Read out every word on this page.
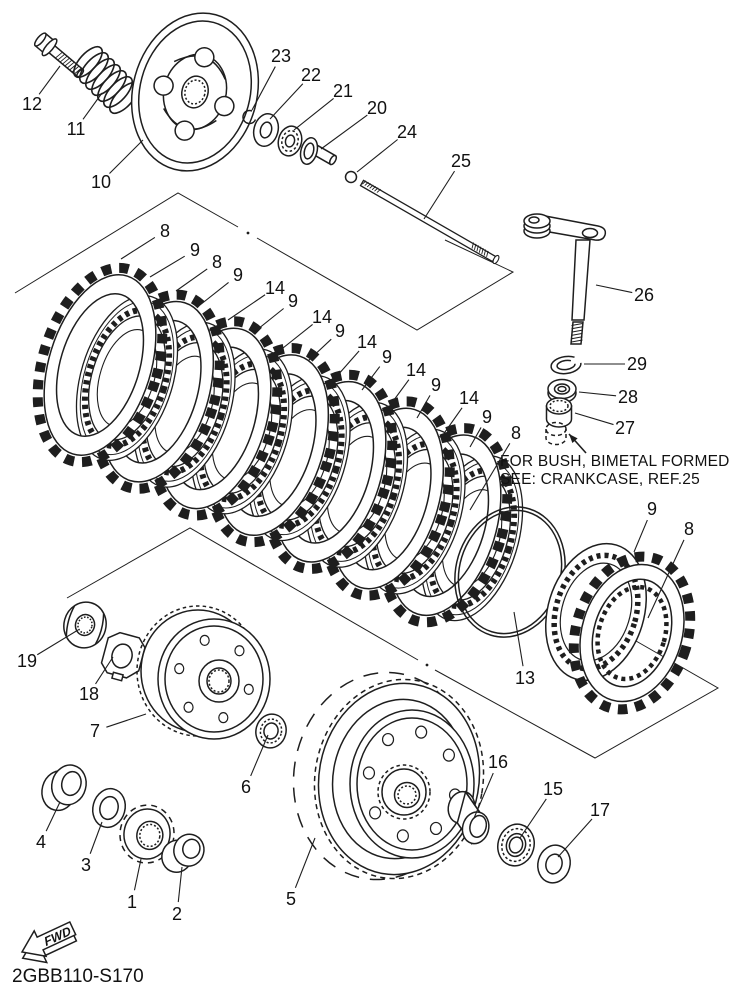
FWD
FOR BUSH, BIMETAL FORMED
SEE: CRANKCASE, REF.25
2GBB110-S170
12
11
10
23
22
21
20
24
25
26
29
28
27
8
9
8
9
14
9
14
9
14
9
14
9
14
9
8
13
9
8
19
18
7
6
5
4
3
1
2
16
15
17
